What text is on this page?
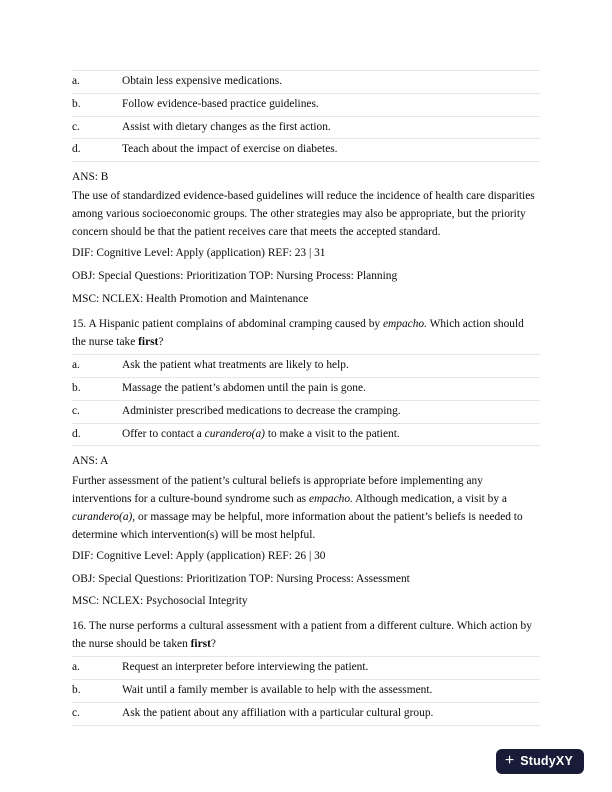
a.	Obtain less expensive medications.
b.	Follow evidence-based practice guidelines.
c.	Assist with dietary changes as the first action.
d.	Teach about the impact of exercise on diabetes.

ANS: B

The use of standardized evidence-based guidelines will reduce the incidence of health care disparities among various socioeconomic groups. The other strategies may also be appropriate, but the priority concern should be that the patient receives care that meets the accepted standard.

DIF: Cognitive Level: Apply (application) REF: 23 | 31

OBJ: Special Questions: Prioritization TOP: Nursing Process: Planning

MSC: NCLEX: Health Promotion and Maintenance

15. A Hispanic patient complains of abdominal cramping caused by empacho. Which action should the nurse take first?

a.	Ask the patient what treatments are likely to help.
b.	Massage the patient’s abdomen until the pain is gone.
c.	Administer prescribed medications to decrease the cramping.
d.	Offer to contact a curandero(a) to make a visit to the patient.

ANS: A

Further assessment of the patient’s cultural beliefs is appropriate before implementing any interventions for a culture-bound syndrome such as empacho. Although medication, a visit by a curandero(a), or massage may be helpful, more information about the patient’s beliefs is needed to determine which intervention(s) will be most helpful.

DIF: Cognitive Level: Apply (application) REF: 26 | 30

OBJ: Special Questions: Prioritization TOP: Nursing Process: Assessment

MSC: NCLEX: Psychosocial Integrity

16. The nurse performs a cultural assessment with a patient from a different culture. Which action by the nurse should be taken first?

a.	Request an interpreter before interviewing the patient.
b.	Wait until a family member is available to help with the assessment.
c.	Ask the patient about any affiliation with a particular cultural group.
+ StudyXY
